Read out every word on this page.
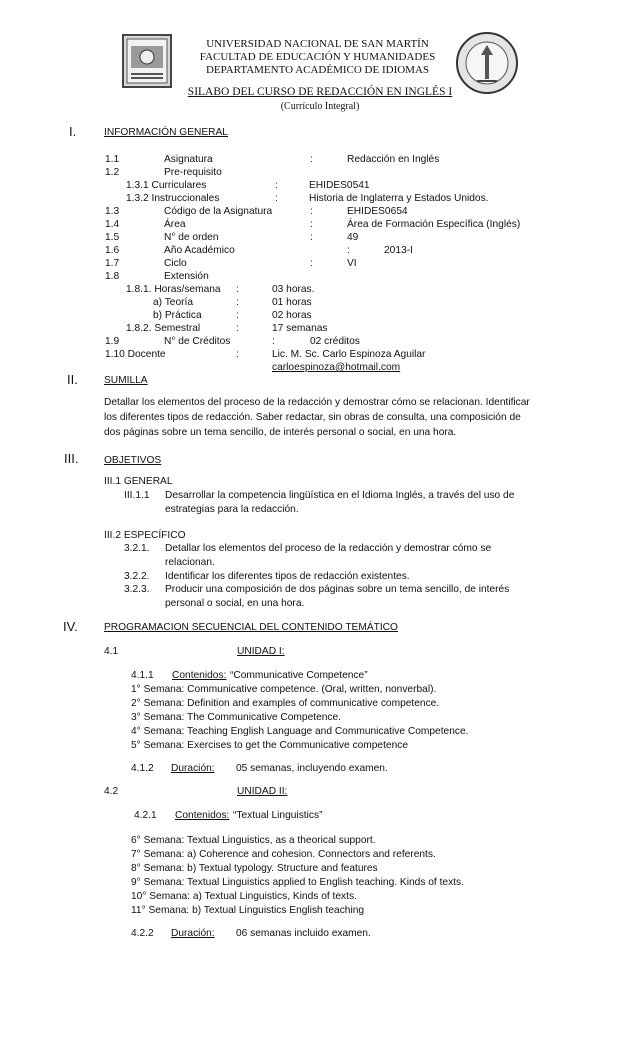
UNIVERSIDAD NACIONAL DE SAN MARTÍN
FACULTAD DE EDUCACIÓN Y HUMANIDADES
DEPARTAMENTO ACADÉMICO DE IDIOMAS
SILABO DEL CURSO DE REDACCIÓN EN INGLÉS I
(Currículo Integral)
I.	INFORMACIÓN GENERAL
1.1	Asignatura	:	Redacción en Inglés
1.2	Pre-requisito
1.3.1 Curriculares	:	EHIDES0541
1.3.2 Instruccionales	:	Historia de Inglaterra y Estados Unidos.
1.3	Código de la Asignatura	:	EHIDES0654
1.4	Área	:	Área de Formación Específica (Inglés)
1.5	N° de orden	:	49
1.6	Año Académico	:	2013-I
1.7	Ciclo	:	VI
1.8	Extensión
1.8.1. Horas/semana :	03 horas.
a) Teoría	:	01 horas
b) Práctica	:	02 horas
1.8.2. Semestral	:	17 semanas
1.9	N° de Créditos	:	02 créditos
1.10 Docente	:	Lic. M. Sc. Carlo Espinoza Aguilar
carloespinoza@hotmail.com
II.	SUMILLA
Detallar los elementos del proceso de la redacción y demostrar cómo se relacionan. Identificar
los diferentes tipos de redacción. Saber redactar, sin obras de consulta, una composición de
dos páginas sobre un tema sencillo, de interés personal o social, en una hora.
III.	OBJETIVOS
III.1 GENERAL
III.1.1 Desarrollar la competencia lingüística en el Idioma Inglés, a través del uso de
estrategias para la redacción.
III.2 ESPECÍFICO
3.2.1. Detallar los elementos del proceso de la redacción y demostrar cómo se
relacionan.
3.2.2. Identificar los diferentes tipos de redacción existentes.
3.2.3. Producir una composición de dos páginas sobre un tema sencillo, de interés
personal o social, en una hora.
IV.	PROGRAMACION SECUENCIAL DEL CONTENIDO TEMÁTICO
4.1	UNIDAD I:
4.1.1 Contenidos: “Communicative Competence”
1° Semana: Communicative competence. (Oral, written, nonverbal).
2° Semana: Definition and examples of communicative competence.
3° Semana: The Communicative Competence.
4° Semana: Teaching English Language and Communicative Competence.
5° Semana: Exercises to get the Communicative competence
4.1.2 Duración: 05 semanas, incluyendo examen.
4.2	UNIDAD II:
4.2.1 Contenidos: “Textual Linguistics”
6° Semana: Textual Linguistics, as a theorical support.
7° Semana: a) Coherence and cohesion. Connectors and referents.
8° Semana: b) Textual typology. Structure and features
9° Semana: Textual Linguistics applied to English teaching. Kinds of texts.
10° Semana: a) Textual Linguistics, Kinds of texts.
11° Semana: b) Textual Linguistics English teaching
4.2.2 Duración: 06 semanas incluido examen.
